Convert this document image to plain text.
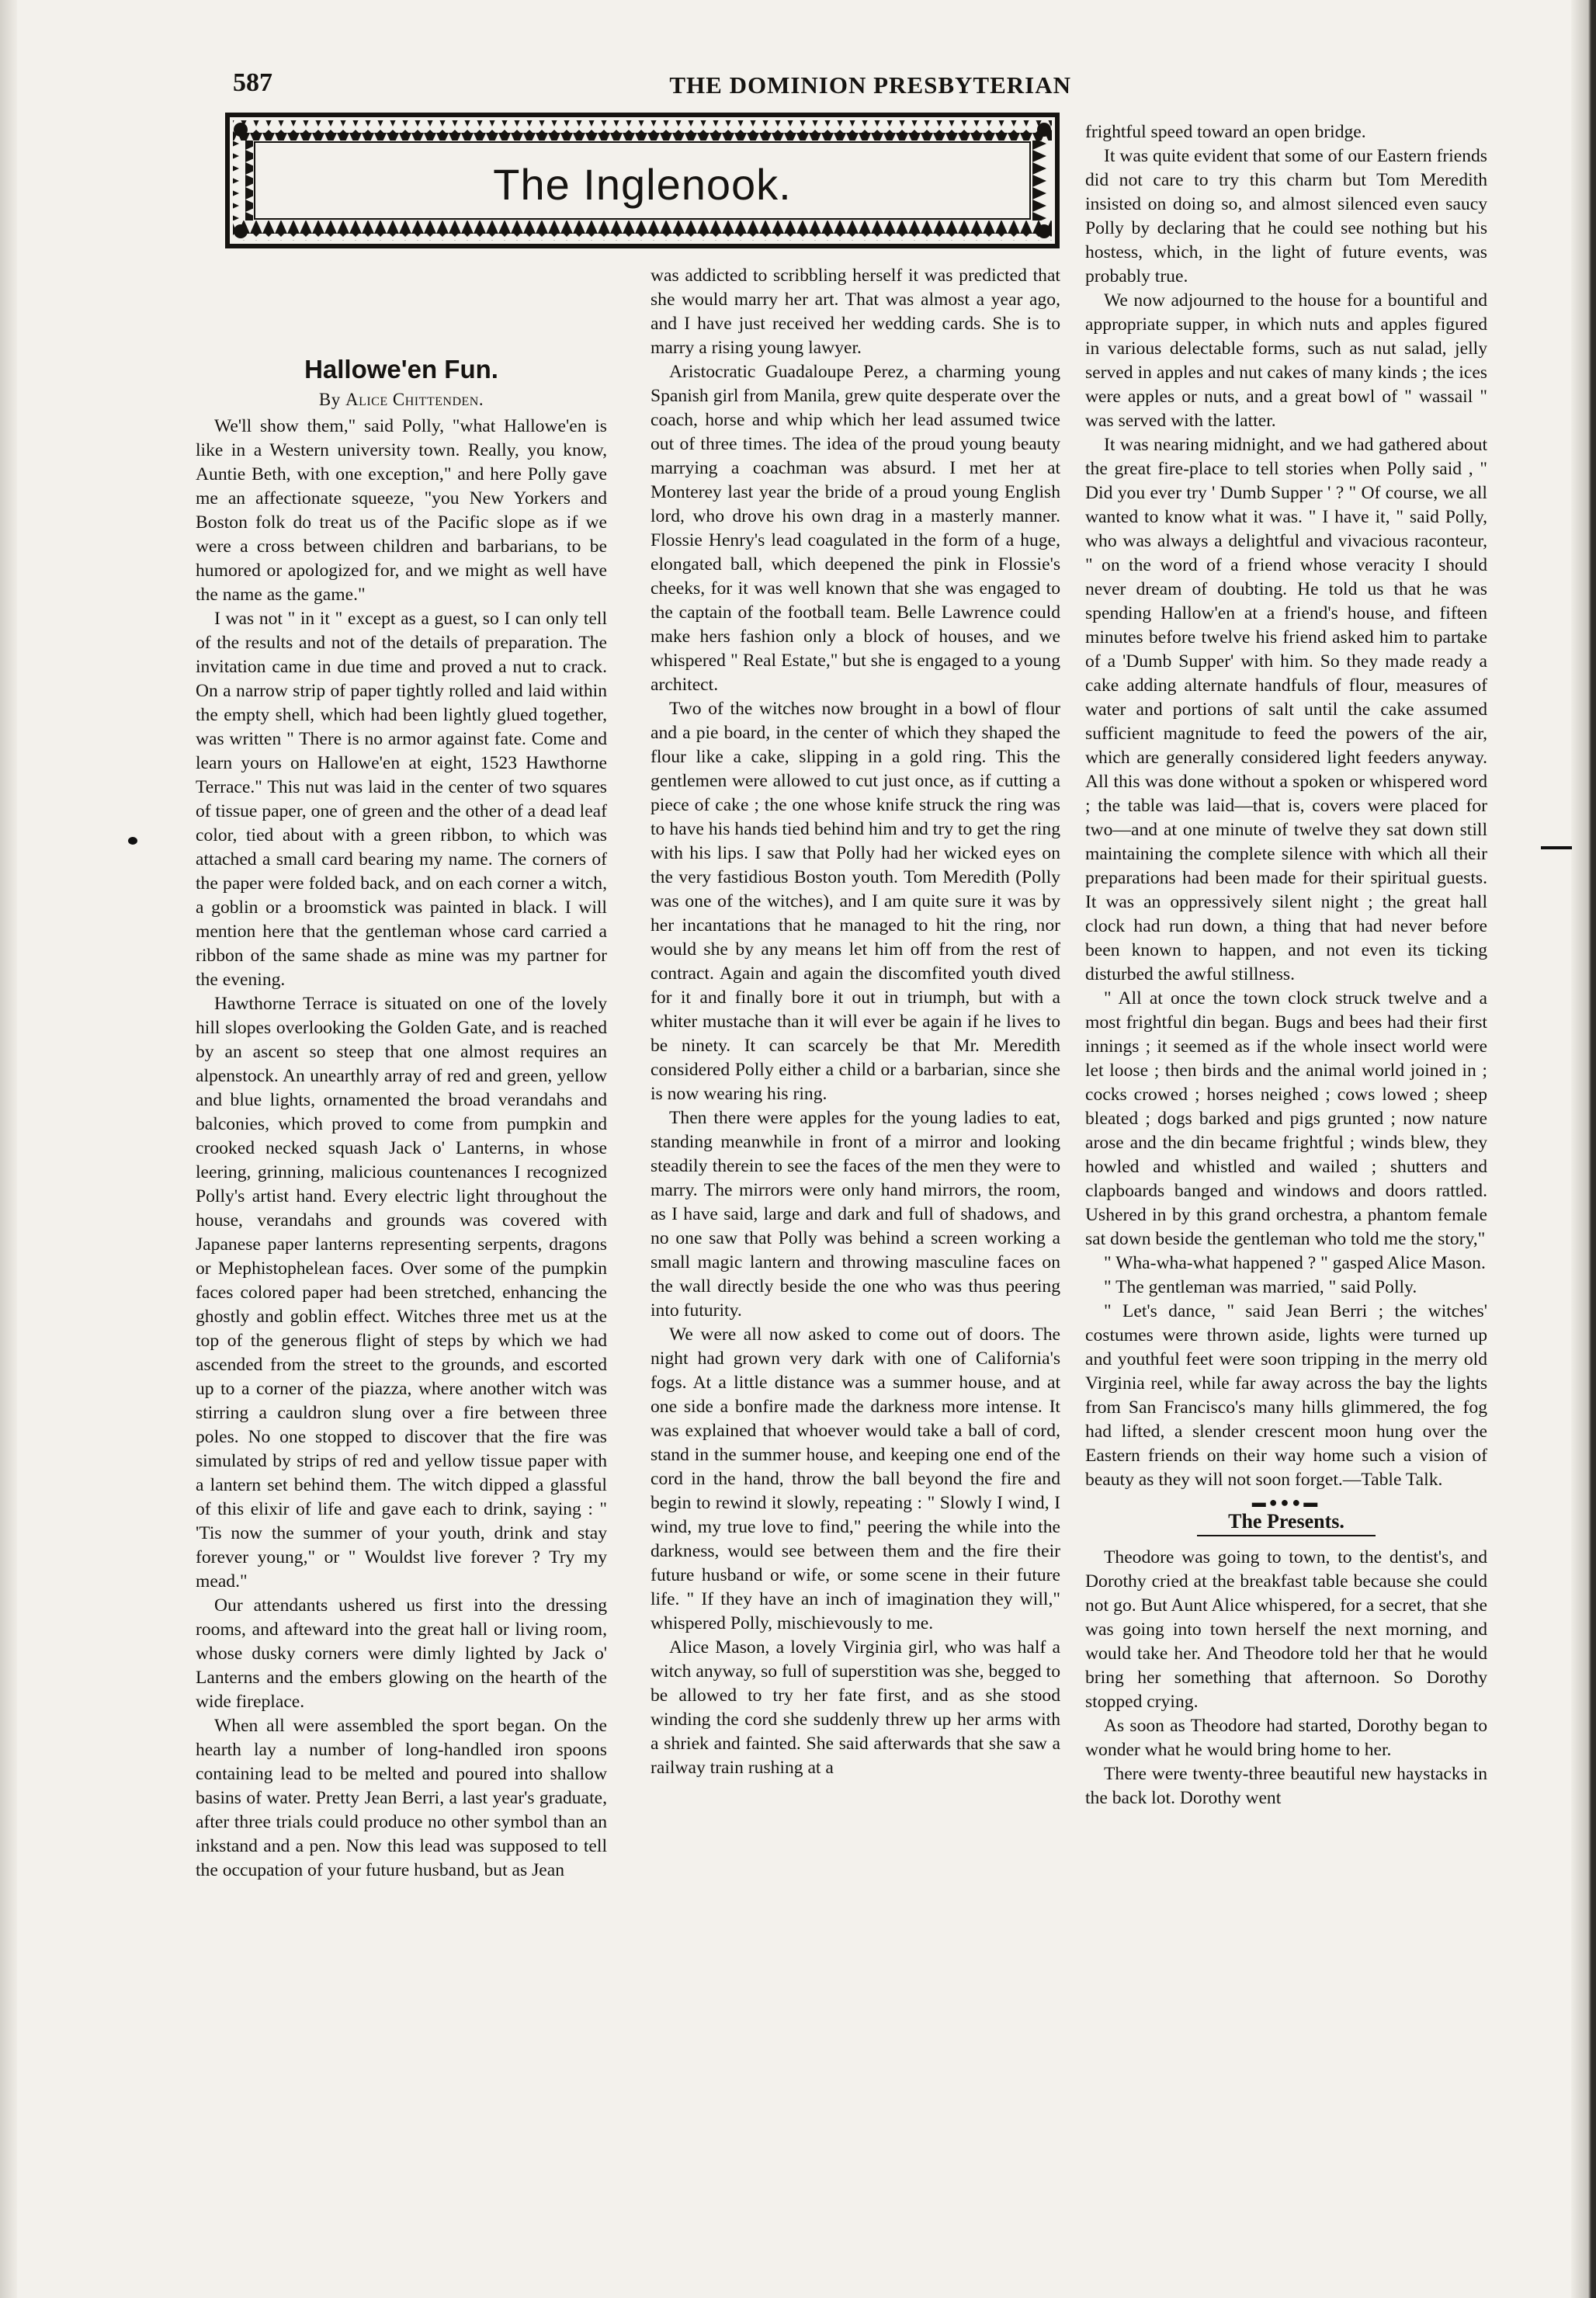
587	THE DOMINION PRESBYTERIAN
The Inglenook.
Hallowe'en Fun.
By Alice Chittenden.

We'll show them," said Polly, "what Hallowe'en is like in a Western university town. Really, you know, Auntie Beth, with one exception," and here Polly gave me an affectionate squeeze, "you New Yorkers and Boston folk do treat us of the Pacific slope as if we were a cross between children and barbarians, to be humored or apologized for, and we might as well have the name as the game."

I was not " in it " except as a guest, so I can only tell of the results and not of the details of preparation. The invitation came in due time and proved a nut to crack. On a narrow strip of paper tightly rolled and laid within the empty shell, which had been lightly glued together, was written " There is no armor against fate. Come and learn yours on Hallowe'en at eight, 1523 Hawthorne Terrace." This nut was laid in the center of two squares of tissue paper, one of green and the other of a dead leaf color, tied about with a green ribbon, to which was attached a small card bearing my name. The corners of the paper were folded back, and on each corner a witch, a goblin or a broomstick was painted in black. I will mention here that the gentleman whose card carried a ribbon of the same shade as mine was my partner for the evening.

Hawthorne Terrace is situated on one of the lovely hill slopes overlooking the Golden Gate, and is reached by an ascent so steep that one almost requires an alpenstock. An unearthly array of red and green, yellow and blue lights, ornamented the broad verandahs and balconies, which proved to come from pumpkin and crooked necked squash Jack o' Lanterns, in whose leering, grinning, malicious countenances I recognized Polly's artist hand. Every electric light throughout the house, verandahs and grounds was covered with Japanese paper lanterns representing serpents, dragons or Mephistophelean faces. Over some of the pumpkin faces colored paper had been stretched, enhancing the ghostly and goblin effect. Witches three met us at the top of the generous flight of steps by which we had ascended from the street to the grounds, and escorted up to a corner of the piazza, where another witch was stirring a cauldron slung over a fire between three poles. No one stopped to discover that the fire was simulated by strips of red and yellow tissue paper with a lantern set behind them. The witch dipped a glassful of this elixir of life and gave each to drink, saying : " 'Tis now the summer of your youth, drink and stay forever young," or " Wouldst live forever ? Try my mead."

Our attendants ushered us first into the dressing rooms, and afteward into the great hall or living room, whose dusky corners were dimly lighted by Jack o' Lanterns and the embers glowing on the hearth of the wide fireplace.

When all were assembled the sport began. On the hearth lay a number of long-handled iron spoons containing lead to be melted and poured into shallow basins of water. Pretty Jean Berri, a last year's graduate, after three trials could produce no other symbol than an inkstand and a pen. Now this lead was supposed to tell the occupation of your future husband, but as Jean

was addicted to scribbling herself it was predicted that she would marry her art. That was almost a year ago, and I have just received her wedding cards. She is to marry a rising young lawyer.

Aristocratic Guadaloupe Perez, a charming young Spanish girl from Manila, grew quite desperate over the coach, horse and whip which her lead assumed twice out of three times. The idea of the proud young beauty marrying a coachman was absurd. I met her at Monterey last year the bride of a proud young English lord, who drove his own drag in a masterly manner. Flossie Henry's lead coagulated in the form of a huge, elongated ball, which deepened the pink in Flossie's cheeks, for it was well known that she was engaged to the captain of the football team. Belle Lawrence could make hers fashion only a block of houses, and we whispered " Real Estate," but she is engaged to a young architect.

Two of the witches now brought in a bowl of flour and a pie board, in the center of which they shaped the flour like a cake, slipping in a gold ring. This the gentlemen were allowed to cut just once, as if cutting a piece of cake ; the one whose knife struck the ring was to have his hands tied behind him and try to get the ring with his lips. I saw that Polly had her wicked eyes on the very fastidious Boston youth. Tom Meredith (Polly was one of the witches), and I am quite sure it was by her incantations that he managed to hit the ring, nor would she by any means let him off from the rest of contract. Again and again the discomfited youth dived for it and finally bore it out in triumph, but with a whiter mustache than it will ever be again if he lives to be ninety. It can scarcely be that Mr. Meredith considered Polly either a child or a barbarian, since she is now wearing his ring.

Then there were apples for the young ladies to eat, standing meanwhile in front of a mirror and looking steadily therein to see the faces of the men they were to marry. The mirrors were only hand mirrors, the room, as I have said, large and dark and full of shadows, and no one saw that Polly was behind a screen working a small magic lantern and throwing masculine faces on the wall directly beside the one who was thus peering into futurity.

We were all now asked to come out of doors. The night had grown very dark with one of California's fogs. At a little distance was a summer house, and at one side a bonfire made the darkness more intense. It was explained that whoever would take a ball of cord, stand in the summer house, and keeping one end of the cord in the hand, throw the ball beyond the fire and begin to rewind it slowly, repeating : " Slowly I wind, I wind, my true love to find," peering the while into the darkness, would see between them and the fire their future husband or wife, or some scene in their future life. " If they have an inch of imagination they will," whispered Polly, mischievously to me.

Alice Mason, a lovely Virginia girl, who was half a witch anyway, so full of superstition was she, begged to be allowed to try her fate first, and as she stood winding the cord she suddenly threw up her arms with a shriek and fainted. She said afterwards that she saw a railway train rushing at a

frightful speed toward an open bridge.

It was quite evident that some of our Eastern friends did not care to try this charm but Tom Meredith insisted on doing so, and almost silenced even saucy Polly by declaring that he could see nothing but his hostess, which, in the light of future events, was probably true.

We now adjourned to the house for a bountiful and appropriate supper, in which nuts and apples figured in various delectable forms, such as nut salad, jelly served in apples and nut cakes of many kinds ; the ices were apples or nuts, and a great bowl of " wassail " was served with the latter.

It was nearing midnight, and we had gathered about the great fire-place to tell stories when Polly said , " Did you ever try ' Dumb Supper ' ? " Of course, we all wanted to know what it was. " I have it, " said Polly, who was always a delightful and vivacious raconteur, " on the word of a friend whose veracity I should never dream of doubting. He told us that he was spending Hallow'en at a friend's house, and fifteen minutes before twelve his friend asked him to partake of a 'Dumb Supper' with him. So they made ready a cake adding alternate handfuls of flour, measures of water and portions of salt until the cake assumed sufficient magnitude to feed the powers of the air, which are generally considered light feeders anyway. All this was done without a spoken or whispered word ; the table was laid—that is, covers were placed for two—and at one minute of twelve they sat down still maintaining the complete silence with which all their preparations had been made for their spiritual guests. It was an oppressively silent night ; the great hall clock had run down, a thing that had never before been known to happen, and not even its ticking disturbed the awful stillness.

" All at once the town clock struck twelve and a most frightful din began. Bugs and bees had their first innings ; it seemed as if the whole insect world were let loose ; then birds and the animal world joined in ; cocks crowed ; horses neighed ; cows lowed ; sheep bleated ; dogs barked and pigs grunted ; now nature arose and the din became frightful ; winds blew, they howled and whistled and wailed ; shutters and clapboards banged and windows and doors rattled. Ushered in by this grand orchestra, a phantom female sat down beside the gentleman who told me the story,"

" Wha-wha-what happened ? " gasped Alice Mason.

" The gentleman was married, " said Polly.

" Let's dance, " said Jean Berri ; the witches' costumes were thrown aside, lights were turned up and youthful feet were soon tripping in the merry old Virginia reel, while far away across the bay the lights from San Francisco's many hills glimmered, the fog had lifted, a slender crescent moon hung over the Eastern friends on their way home such a vision of beauty as they will not soon forget.—Table Talk.

▬●●●▬
The Presents.

Theodore was going to town, to the dentist's, and Dorothy cried at the breakfast table because she could not go. But Aunt Alice whispered, for a secret, that she was going into town herself the next morning, and would take her. And Theodore told her that he would bring her something that afternoon. So Dorothy stopped crying.

As soon as Theodore had started, Dorothy began to wonder what he would bring home to her.

There were twenty-three beautiful new haystacks in the back lot. Dorothy went
